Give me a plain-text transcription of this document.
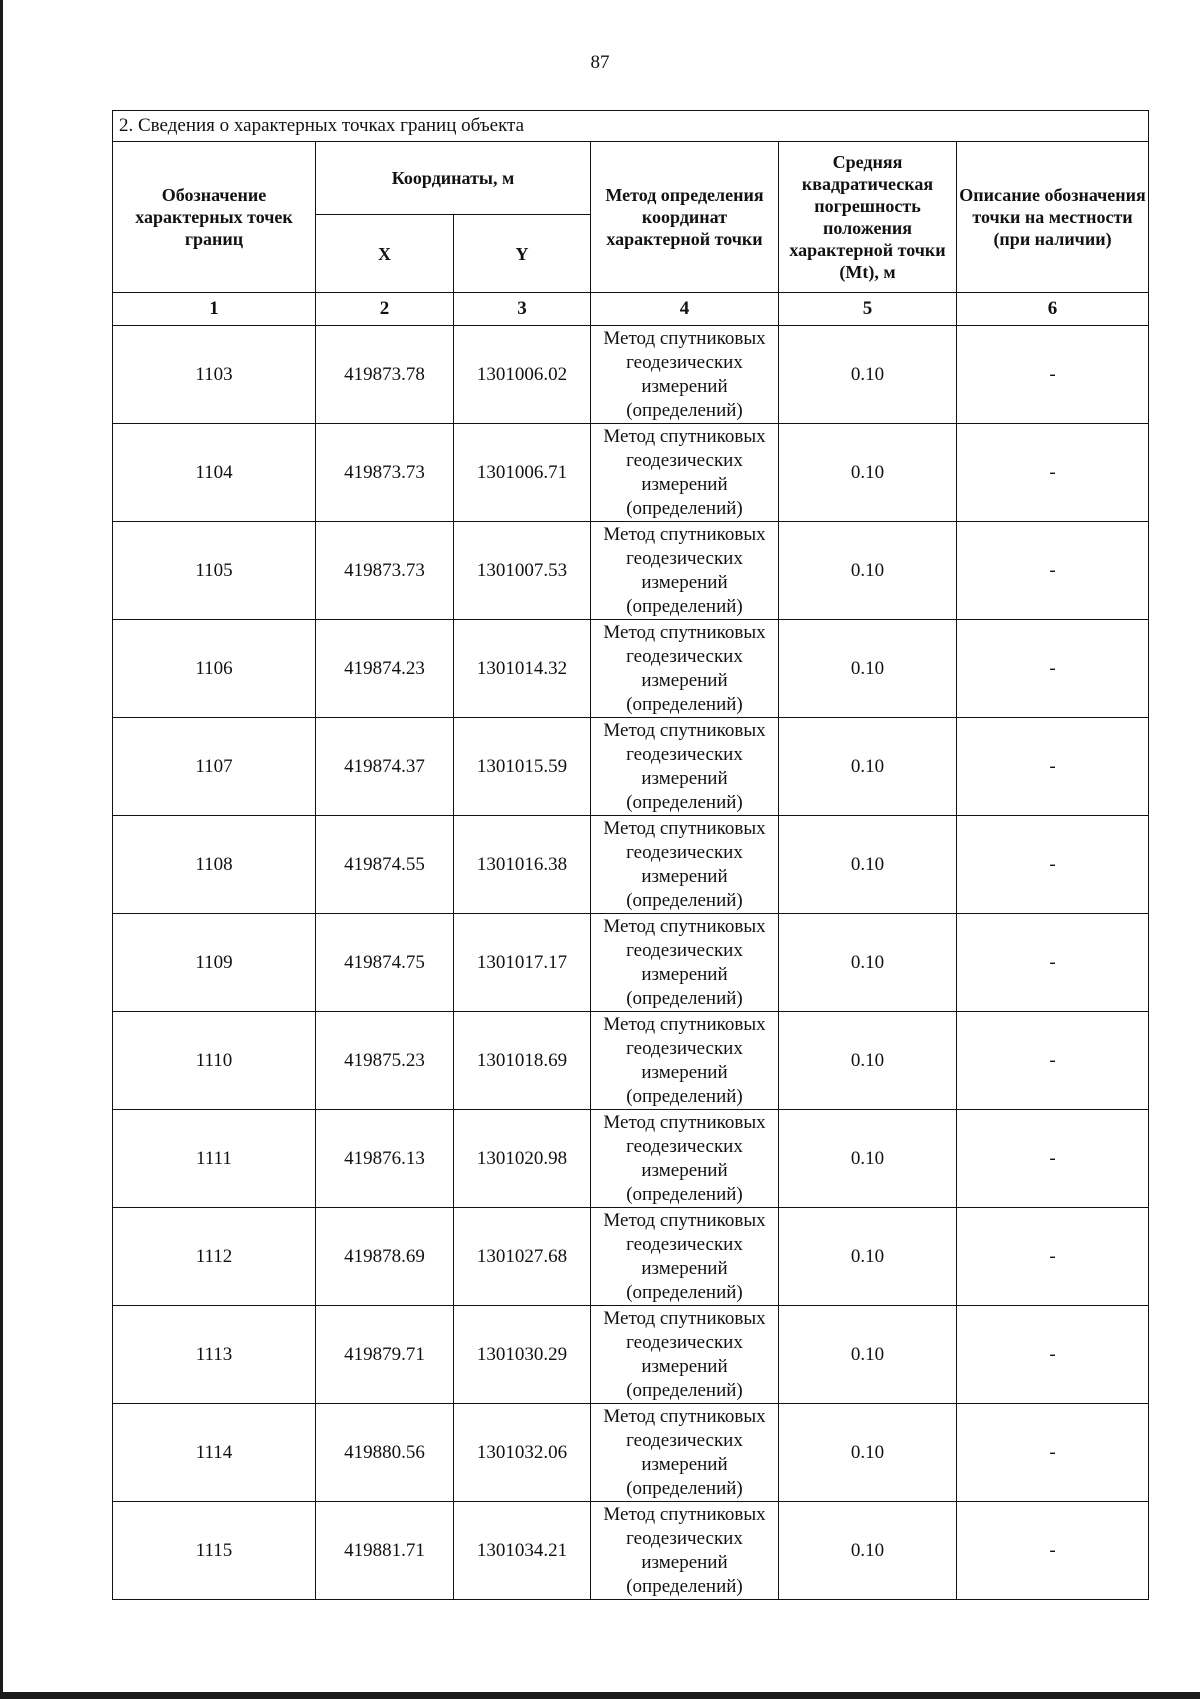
87
2. Сведения о характерных точках границ объекта					
Обозначение характерных точек границ	Координаты, м		Метод определения координат характерной точки	Средняя квадратическая погрешность положения характерной точки (Mt), м	Описание обозначения точки на местности (при наличии)
	X	Y			
1	2	3	4	5	6
1103	419873.78	1301006.02	Метод спутниковых
геодезических
измерений
(определений)	0.10	-
1104	419873.73	1301006.71	Метод спутниковых
геодезических
измерений
(определений)	0.10	-
1105	419873.73	1301007.53	Метод спутниковых
геодезических
измерений
(определений)	0.10	-
1106	419874.23	1301014.32	Метод спутниковых
геодезических
измерений
(определений)	0.10	-
1107	419874.37	1301015.59	Метод спутниковых
геодезических
измерений
(определений)	0.10	-
1108	419874.55	1301016.38	Метод спутниковых
геодезических
измерений
(определений)	0.10	-
1109	419874.75	1301017.17	Метод спутниковых
геодезических
измерений
(определений)	0.10	-
1110	419875.23	1301018.69	Метод спутниковых
геодезических
измерений
(определений)	0.10	-
1111	419876.13	1301020.98	Метод спутниковых
геодезических
измерений
(определений)	0.10	-
1112	419878.69	1301027.68	Метод спутниковых
геодезических
измерений
(определений)	0.10	-
1113	419879.71	1301030.29	Метод спутниковых
геодезических
измерений
(определений)	0.10	-
1114	419880.56	1301032.06	Метод спутниковых
геодезических
измерений
(определений)	0.10	-
1115	419881.71	1301034.21	Метод спутниковых
геодезических
измерений
(определений)	0.10	-
